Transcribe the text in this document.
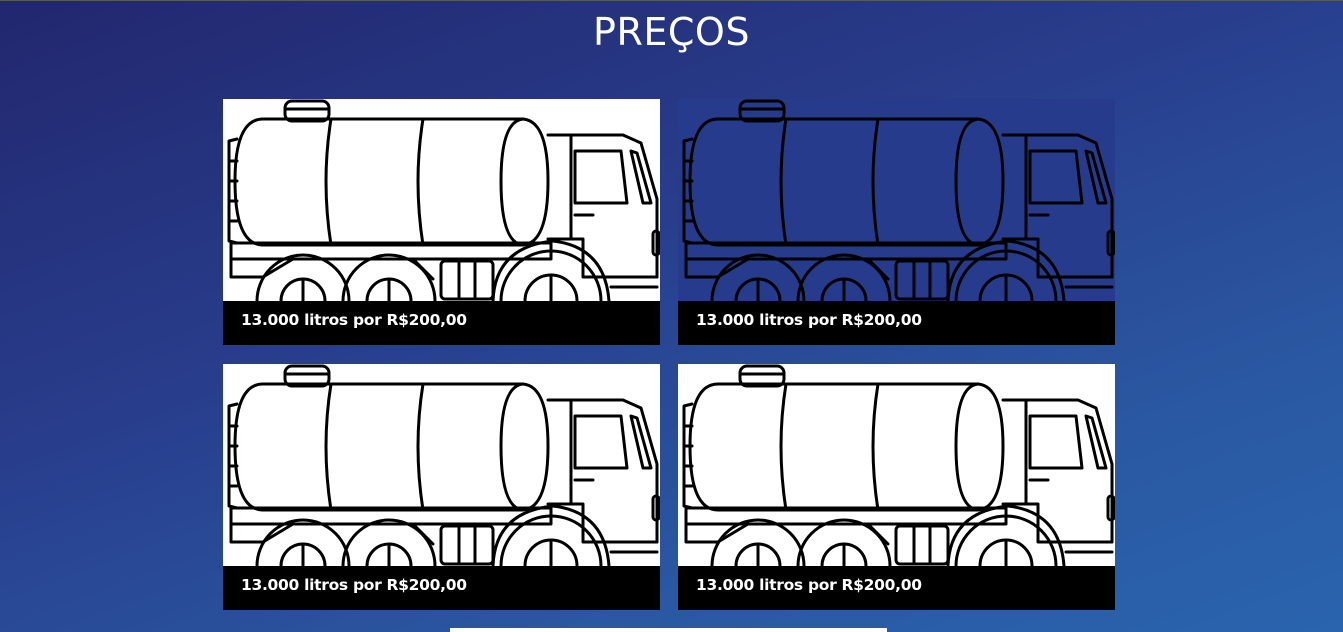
PREÇOS
13.000 litros por R$200,00	13.000 litros por R$200,00
13.000 litros por R$200,00	13.000 litros por R$200,00
